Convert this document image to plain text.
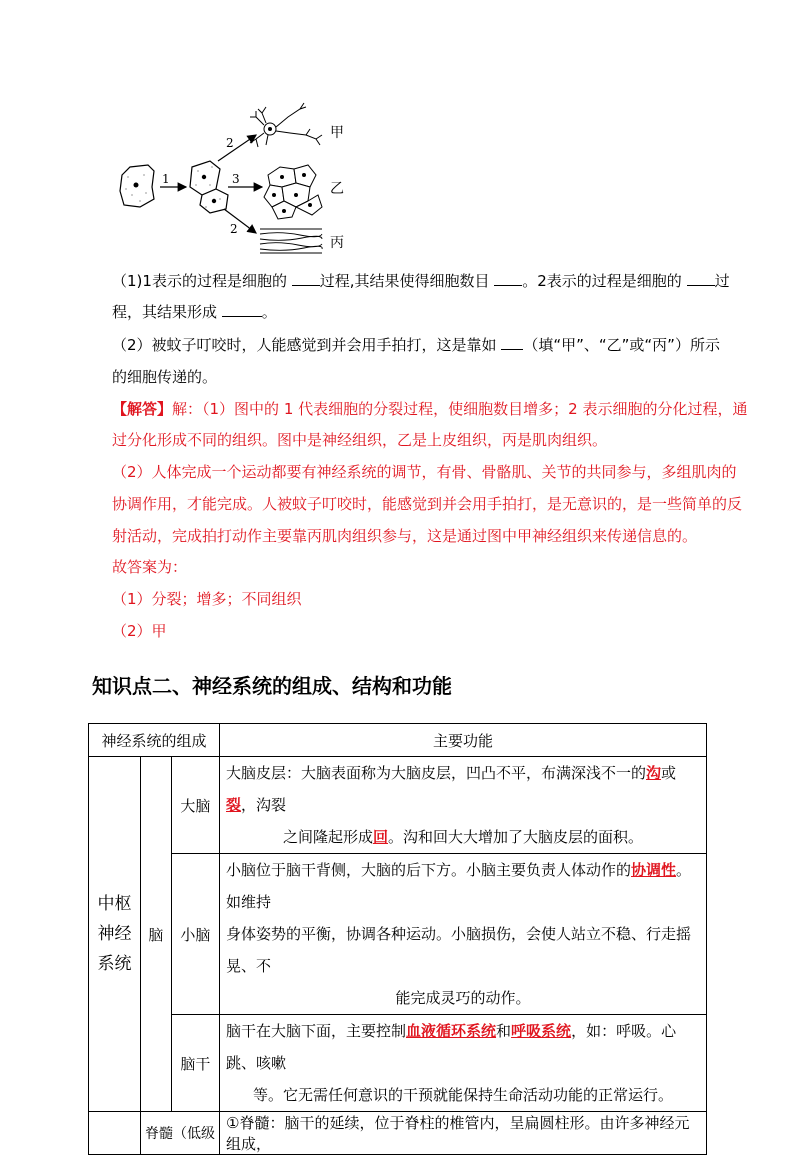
1
2
3
2
甲
乙
丙
（1)1表示的过程是细胞的 过程,其结果使得细胞数目 。2表示的过程是细胞的 过
程，其结果形成	。
（2）被蚊子叮咬时，人能感觉到并会用手拍打，这是靠如 （填“甲”、“乙”或“丙”）所示
的细胞传递的。
【解答】解：（1）图中的 1 代表细胞的分裂过程，使细胞数目增多；2 表示细胞的分化过程，通
过分化形成不同的组织。图中是神经组织，乙是上皮组织，丙是肌肉组织。
（2）人体完成一个运动都要有神经系统的调节，有骨、骨骼肌、关节的共同参与，多组肌肉的
协调作用，才能完成。人被蚊子叮咬时，能感觉到并会用手拍打，是无意识的，是一些简单的反
射活动，完成拍打动作主要靠丙肌肉组织参与，这是通过图中甲神经组织来传递信息的。
故答案为：
（1）分裂；增多；不同组织
（2）甲
知识点二、神经系统的组成、结构和功能
神经系统的组成			主要功能
中枢神经系统	脑	大脑	大脑皮层：大脑表面称为大脑皮层，凹凸不平，布满深浅不一的沟或裂，沟裂
之间隆起形成回。沟和回大大增加了大脑皮层的面积。

		小脑	小脑位于脑干背侧，大脑的后下方。小脑主要负责人体动作的协调性。如维持
身体姿势的平衡，协调各种运动。小脑损伤，会使人站立不稳、行走摇晃、不
能完成灵巧的动作。

		脑干	脑干在大脑下面，主要控制血液循环系统和呼吸系统，如：呼吸。心跳、咳嗽
等。它无需任何意识的干预就能保持生命活动功能的正常运行。

	脊髓（低级		①脊髓：脑干的延续，位于脊柱的椎管内，呈扁圆柱形。由许多神经元组成，
